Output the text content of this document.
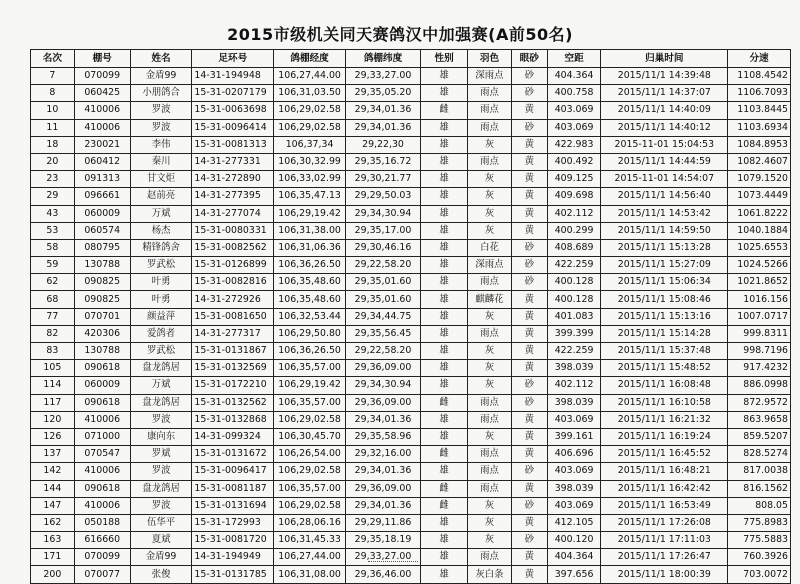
2015市级机关同天赛鸽汉中加强赛(A前50名)
名次	棚号	姓名	足环号	鸽棚经度	鸽棚纬度	性别	羽色	眼砂	空距	归巢时间	分速
7	070099	金盾99	14-31-194948	106,27,44.00	29,33,27.00	雄	深雨点	砂	404.364	2015/11/1 14:39:48	1108.4542
8	060425	小朋鸽合	15-31-0207179	106,31,03.50	29,35,05.20	雄	雨点	砂	400.758	2015/11/1 14:37:07	1106.7093
10	410006	罗波	15-31-0063698	106,29,02.58	29,34,01.36	雌	雨点	黄	403.069	2015/11/1 14:40:09	1103.8445
11	410006	罗波	15-31-0096414	106,29,02.58	29,34,01.36	雄	雨点	砂	403.069	2015/11/1 14:40:12	1103.6934
18	230021	李伟	15-31-0081313	106,37,34	29,22,30	雄	灰	黄	422.983	2015-11-01 15:04:53	1084.8953
20	060412	秦川	14-31-277331	106,30,32.99	29,35,16.72	雄	雨点	黄	400.492	2015/11/1 14:44:59	1082.4607
23	091313	甘文炬	14-31-272890	106,33,02.99	29,30,21.77	雄	灰	黄	409.125	2015-11-01 14:54:07	1079.1520
29	096661	赵前亮	14-31-277395	106,35,47.13	29,29,50.03	雄	灰	黄	409.698	2015/11/1 14:56:40	1073.4449
43	060009	万斌	14-31-277074	106,29,19.42	29,34,30.94	雄	灰	黄	402.112	2015/11/1 14:53:42	1061.8222
53	060574	杨杰	15-31-0080331	106,31,38.00	29,35,17.00	雄	灰	黄	400.299	2015/11/1 14:59:50	1040.1884
58	080795	精锋鸽舍	15-31-0082562	106,31,06.36	29,30,46.16	雄	白花	砂	408.689	2015/11/1 15:13:28	1025.6553
59	130788	罗武松	15-31-0126899	106,36,26.50	29,22,58.20	雄	深雨点	砂	422.259	2015/11/1 15:27:09	1024.5266
62	090825	叶勇	15-31-0082816	106,35,48.60	29,35,01.60	雄	雨点	砂	400.128	2015/11/1 15:06:34	1021.8652
68	090825	叶勇	14-31-272926	106,35,48.60	29,35,01.60	雄	麒麟花	黄	400.128	2015/11/1 15:08:46	1016.156
77	070701	颜益萍	15-31-0081650	106,32,53.44	29,34,44.75	雄	灰	黄	401.083	2015/11/1 15:13:16	1007.0717
82	420306	爱鸽者	14-31-277317	106,29,50.80	29,35,56.45	雄	雨点	黄	399.399	2015/11/1 15:14:28	999.8311
83	130788	罗武松	15-31-0131867	106,36,26.50	29,22,58.20	雄	灰	黄	422.259	2015/11/1 15:37:48	998.7196
105	090618	盘龙鸽居	15-31-0132569	106,35,57.00	29,36,09.00	雄	灰	黄	398.039	2015/11/1 15:48:52	917.4232
114	060009	万斌	15-31-0172210	106,29,19.42	29,34,30.94	雄	灰	砂	402.112	2015/11/1 16:08:48	886.0998
117	090618	盘龙鸽居	15-31-0132562	106,35,57.00	29,36,09.00	雌	雨点	砂	398.039	2015/11/1 16:10:58	872.9572
120	410006	罗波	15-31-0132868	106,29,02.58	29,34,01.36	雄	雨点	黄	403.069	2015/11/1 16:21:32	863.9658
126	071000	康向东	14-31-099324	106,30,45.70	29,35,58.96	雄	灰	黄	399.161	2015/11/1 16:19:24	859.5207
137	070547	罗斌	15-31-0131672	106,26,54.00	29,32,16.00	雌	雨点	黄	406.696	2015/11/1 16:45:52	828.5274
142	410006	罗波	15-31-0096417	106,29,02.58	29,34,01.36	雄	雨点	砂	403.069	2015/11/1 16:48:21	817.0038
144	090618	盘龙鸽居	15-31-0081187	106,35,57.00	29,36,09.00	雌	雨点	黄	398.039	2015/11/1 16:42:42	816.1562
147	410006	罗波	15-31-0131694	106,29,02.58	29,34,01.36	雌	灰	砂	403.069	2015/11/1 16:53:49	808.05
162	050188	伍华平	15-31-172993	106,28,06.16	29,29,11.86	雄	灰	黄	412.105	2015/11/1 17:26:08	775.8983
163	616660	夏斌	15-31-0081720	106,31,45.33	29,35,18.19	雄	灰	砂	400.120	2015/11/1 17:11:03	775.5883
171	070099	金盾99	14-31-194949	106,27,44.00	29,33,27.00	雄	雨点	黄	404.364	2015/11/1 17:26:47	760.3926
200	070077	张俊	15-31-0131785	106,31,08.00	29,36,46.00	雄	灰白条	黄	397.656	2015/11/1 18:00:39	703.0072
